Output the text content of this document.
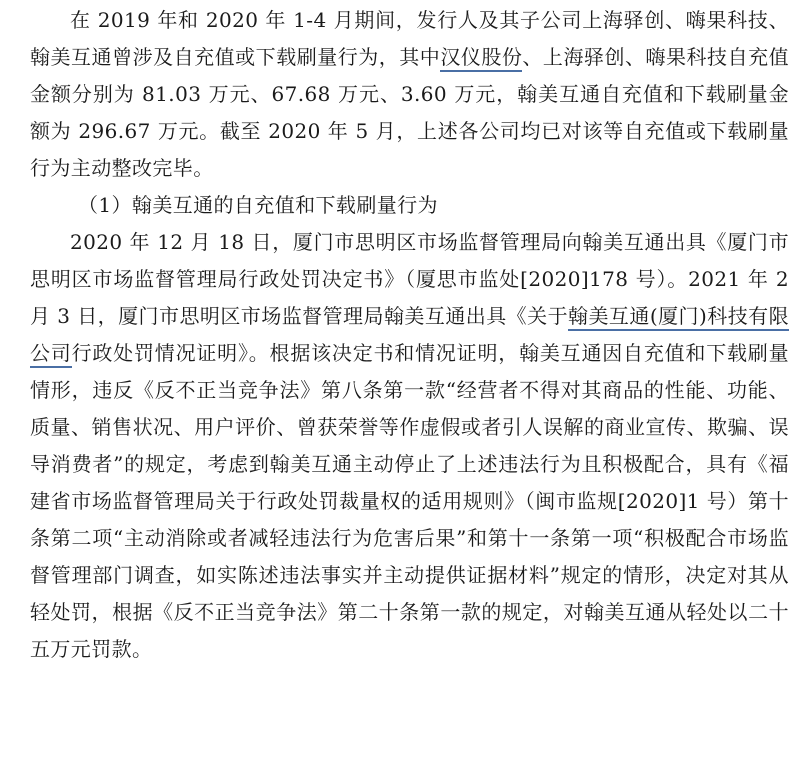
在 2019 年和 2020 年 1-4 月期间，发行人及其子公司上海驿创、嗨果科技、翰美互通曾涉及自充值或下载刷量行为，其中汉仪股份、上海驿创、嗨果科技自充值金额分别为 81.03 万元、67.68 万元、3.60 万元，翰美互通自充值和下载刷量金额为 296.67 万元。截至 2020 年 5 月，上述各公司均已对该等自充值或下载刷量行为主动整改完毕。

（1）翰美互通的自充值和下载刷量行为

2020 年 12 月 18 日，厦门市思明区市场监督管理局向翰美互通出具《厦门市思明区市场监督管理局行政处罚决定书》（厦思市监处[2020]178 号）。2021 年 2 月 3 日，厦门市思明区市场监督管理局翰美互通出具《关于翰美互通(厦门)科技有限公司行政处罚情况证明》。根据该决定书和情况证明，翰美互通因自充值和下载刷量情形，违反《反不正当竞争法》第八条第一款“经营者不得对其商品的性能、功能、质量、销售状况、用户评价、曾获荣誉等作虚假或者引人误解的商业宣传、欺骗、误导消费者”的规定，考虑到翰美互通主动停止了上述违法行为且积极配合，具有《福建省市场监督管理局关于行政处罚裁量权的适用规则》（闽市监规[2020]1 号）第十条第二项“主动消除或者减轻违法行为危害后果”和第十一条第一项“积极配合市场监督管理部门调查，如实陈述违法事实并主动提供证据材料”规定的情形，决定对其从轻处罚，根据《反不正当竞争法》第二十条第一款的规定，对翰美互通从轻处以二十五万元罚款。
